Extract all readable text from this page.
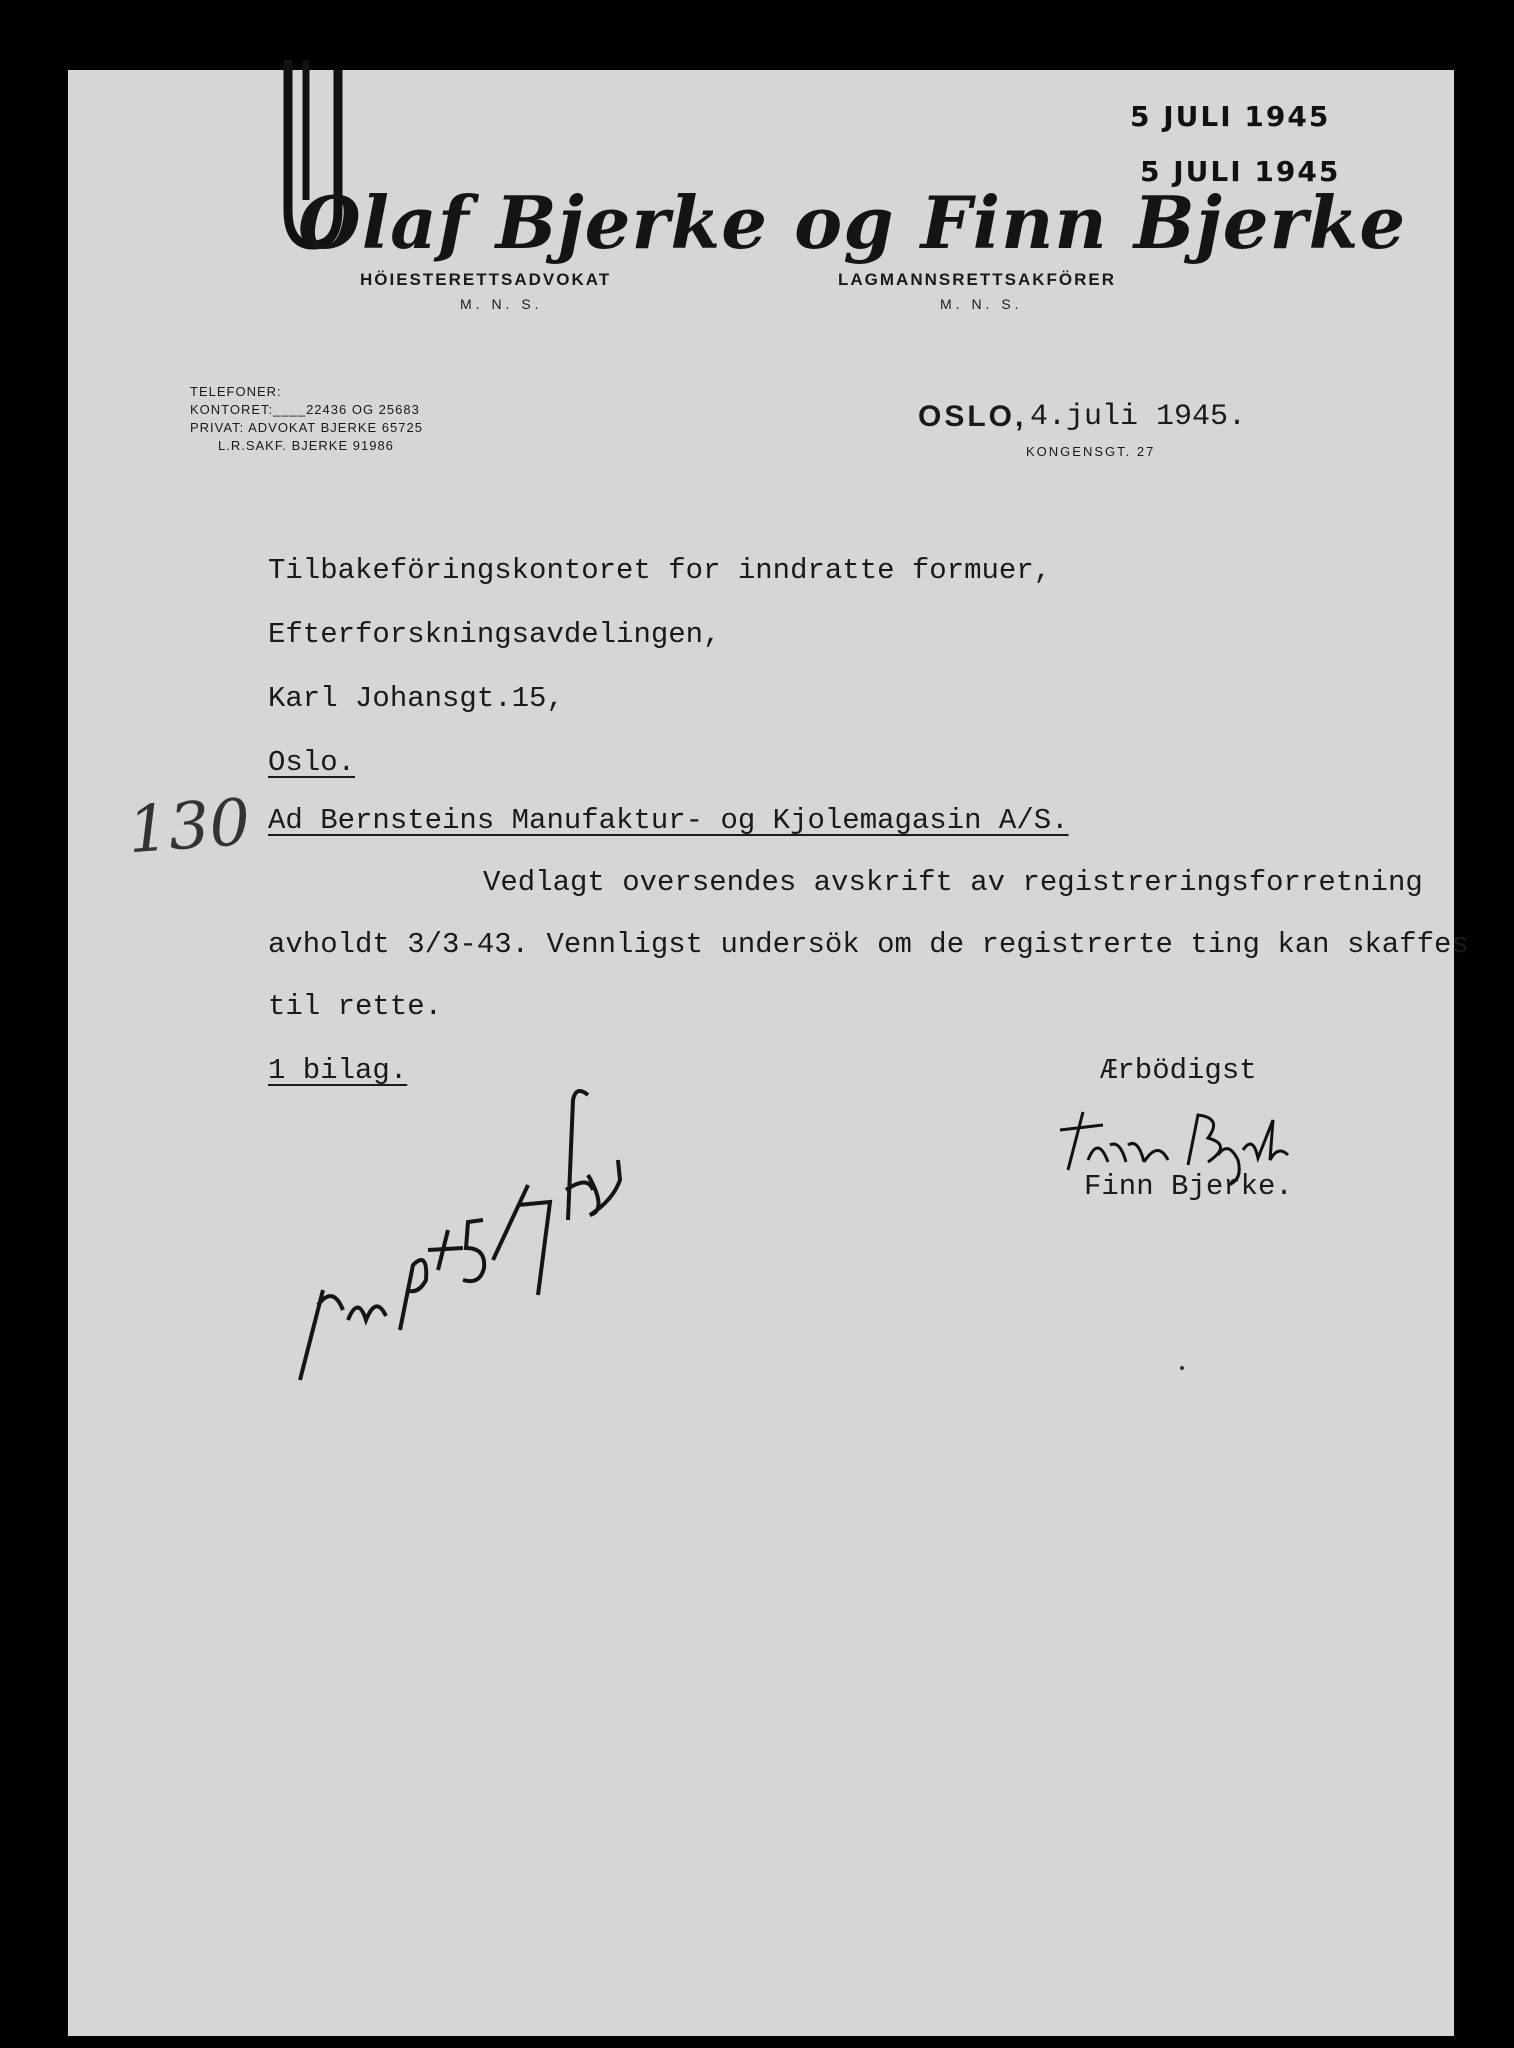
5 JULI 1945
5 JULI 1945
Olaf Bjerke og Finn Bjerke
HÖIESTERETTSADVOKAT
M. N. S.
LAGMANNSRETTSAKFÖRER
M. N. S.
TELEFONER:
KONTORET:____22436 OG 25683
PRIVAT: ADVOKAT BJERKE 65725
L.R.SAKF. BJERKE 91986
OSLO, 4.juli 1945.
KONGENSGT. 27
Tilbakeföringskontoret for inndratte formuer,
Efterforskningsavdelingen,
Karl Johansgt.15,
Oslo.
130 Ad Bernsteins Manufaktur- og Kjolemagasin A/S.
Vedlagt oversendes avskrift av registreringsforretning
avholdt 3/3-43. Vennligst undersök om de registrerte ting kan skaffes
til rette.
1 bilag.	Ærbödigst
Finn Bjerke.
